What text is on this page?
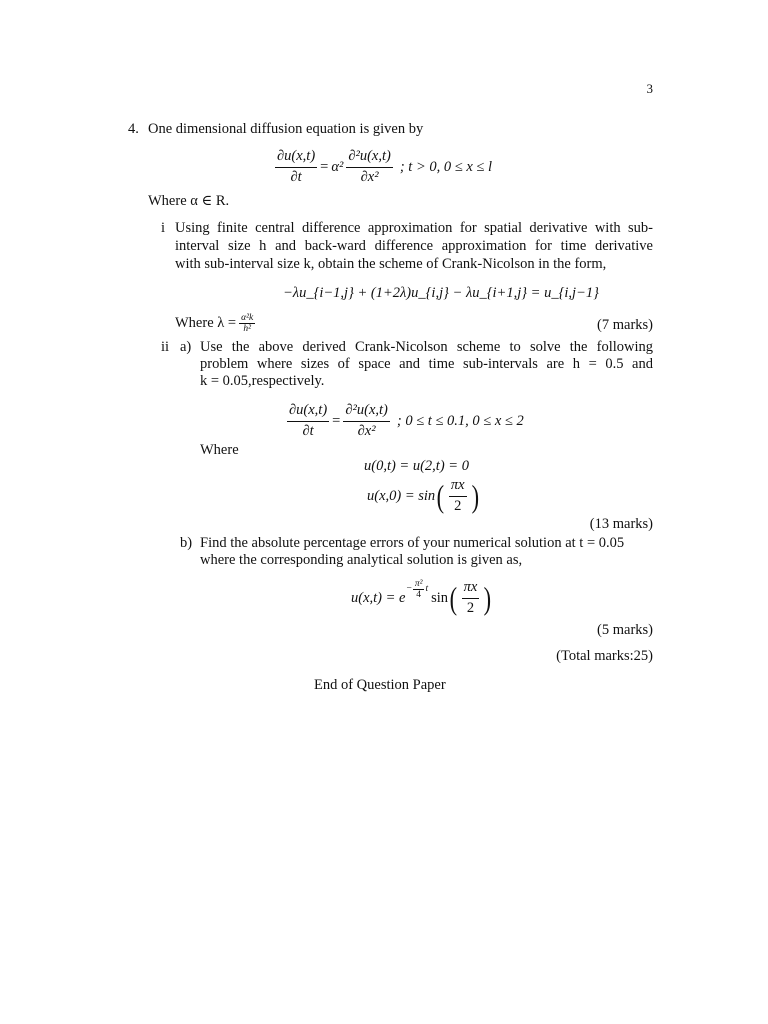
3
4. One dimensional diffusion equation is given by
$\frac{\partial u(x,t)}{\partial t} = \alpha^2 \frac{\text{∂²u(x,t)}}{\text{∂x²}}$ ; t > 0, 0 ≤ x ≤ l
Where α ∈ R.
i Using finite central difference approximation for spatial derivative with sub-
interval size h and back-ward difference approximation for time derivative
with sub-interval size k, obtain the scheme of Crank-Nicolson in the form,
−λu_{i−1,j} + (1+2λ)u_{i,j} − λu_{i+1,j} = u_{i,j−1}
Where $\lambda = \frac{\text{α²k}}{\text{h²}}$	(7 marks)
ii a) Use the above derived Crank-Nicolson scheme to solve the following
problem where sizes of space and time sub-intervals are h = 0.5 and
k = 0.05,respectively.
$\frac{\partial u(x,t)}{\partial t} = \frac{\text{∂²u(x,t)}}{\text{∂x²}}$ ; 0 ≤ t ≤ 0.1, 0 ≤ x ≤ 2
Where
u(0,t) = u(2,t) = 0
u(x,0) = sin ( $\frac{\pi x}{2}$ )
(13 marks)
b) Find the absolute percentage errors of your numerical solution at t = 0.05
where the corresponding analytical solution is given as,
u(x,t) = e
− $\frac{\text{π²}}{4}$ t
sin ( $\frac{\pi x}{2}$ )
(5 marks)
(Total marks:25)
End of Question Paper
